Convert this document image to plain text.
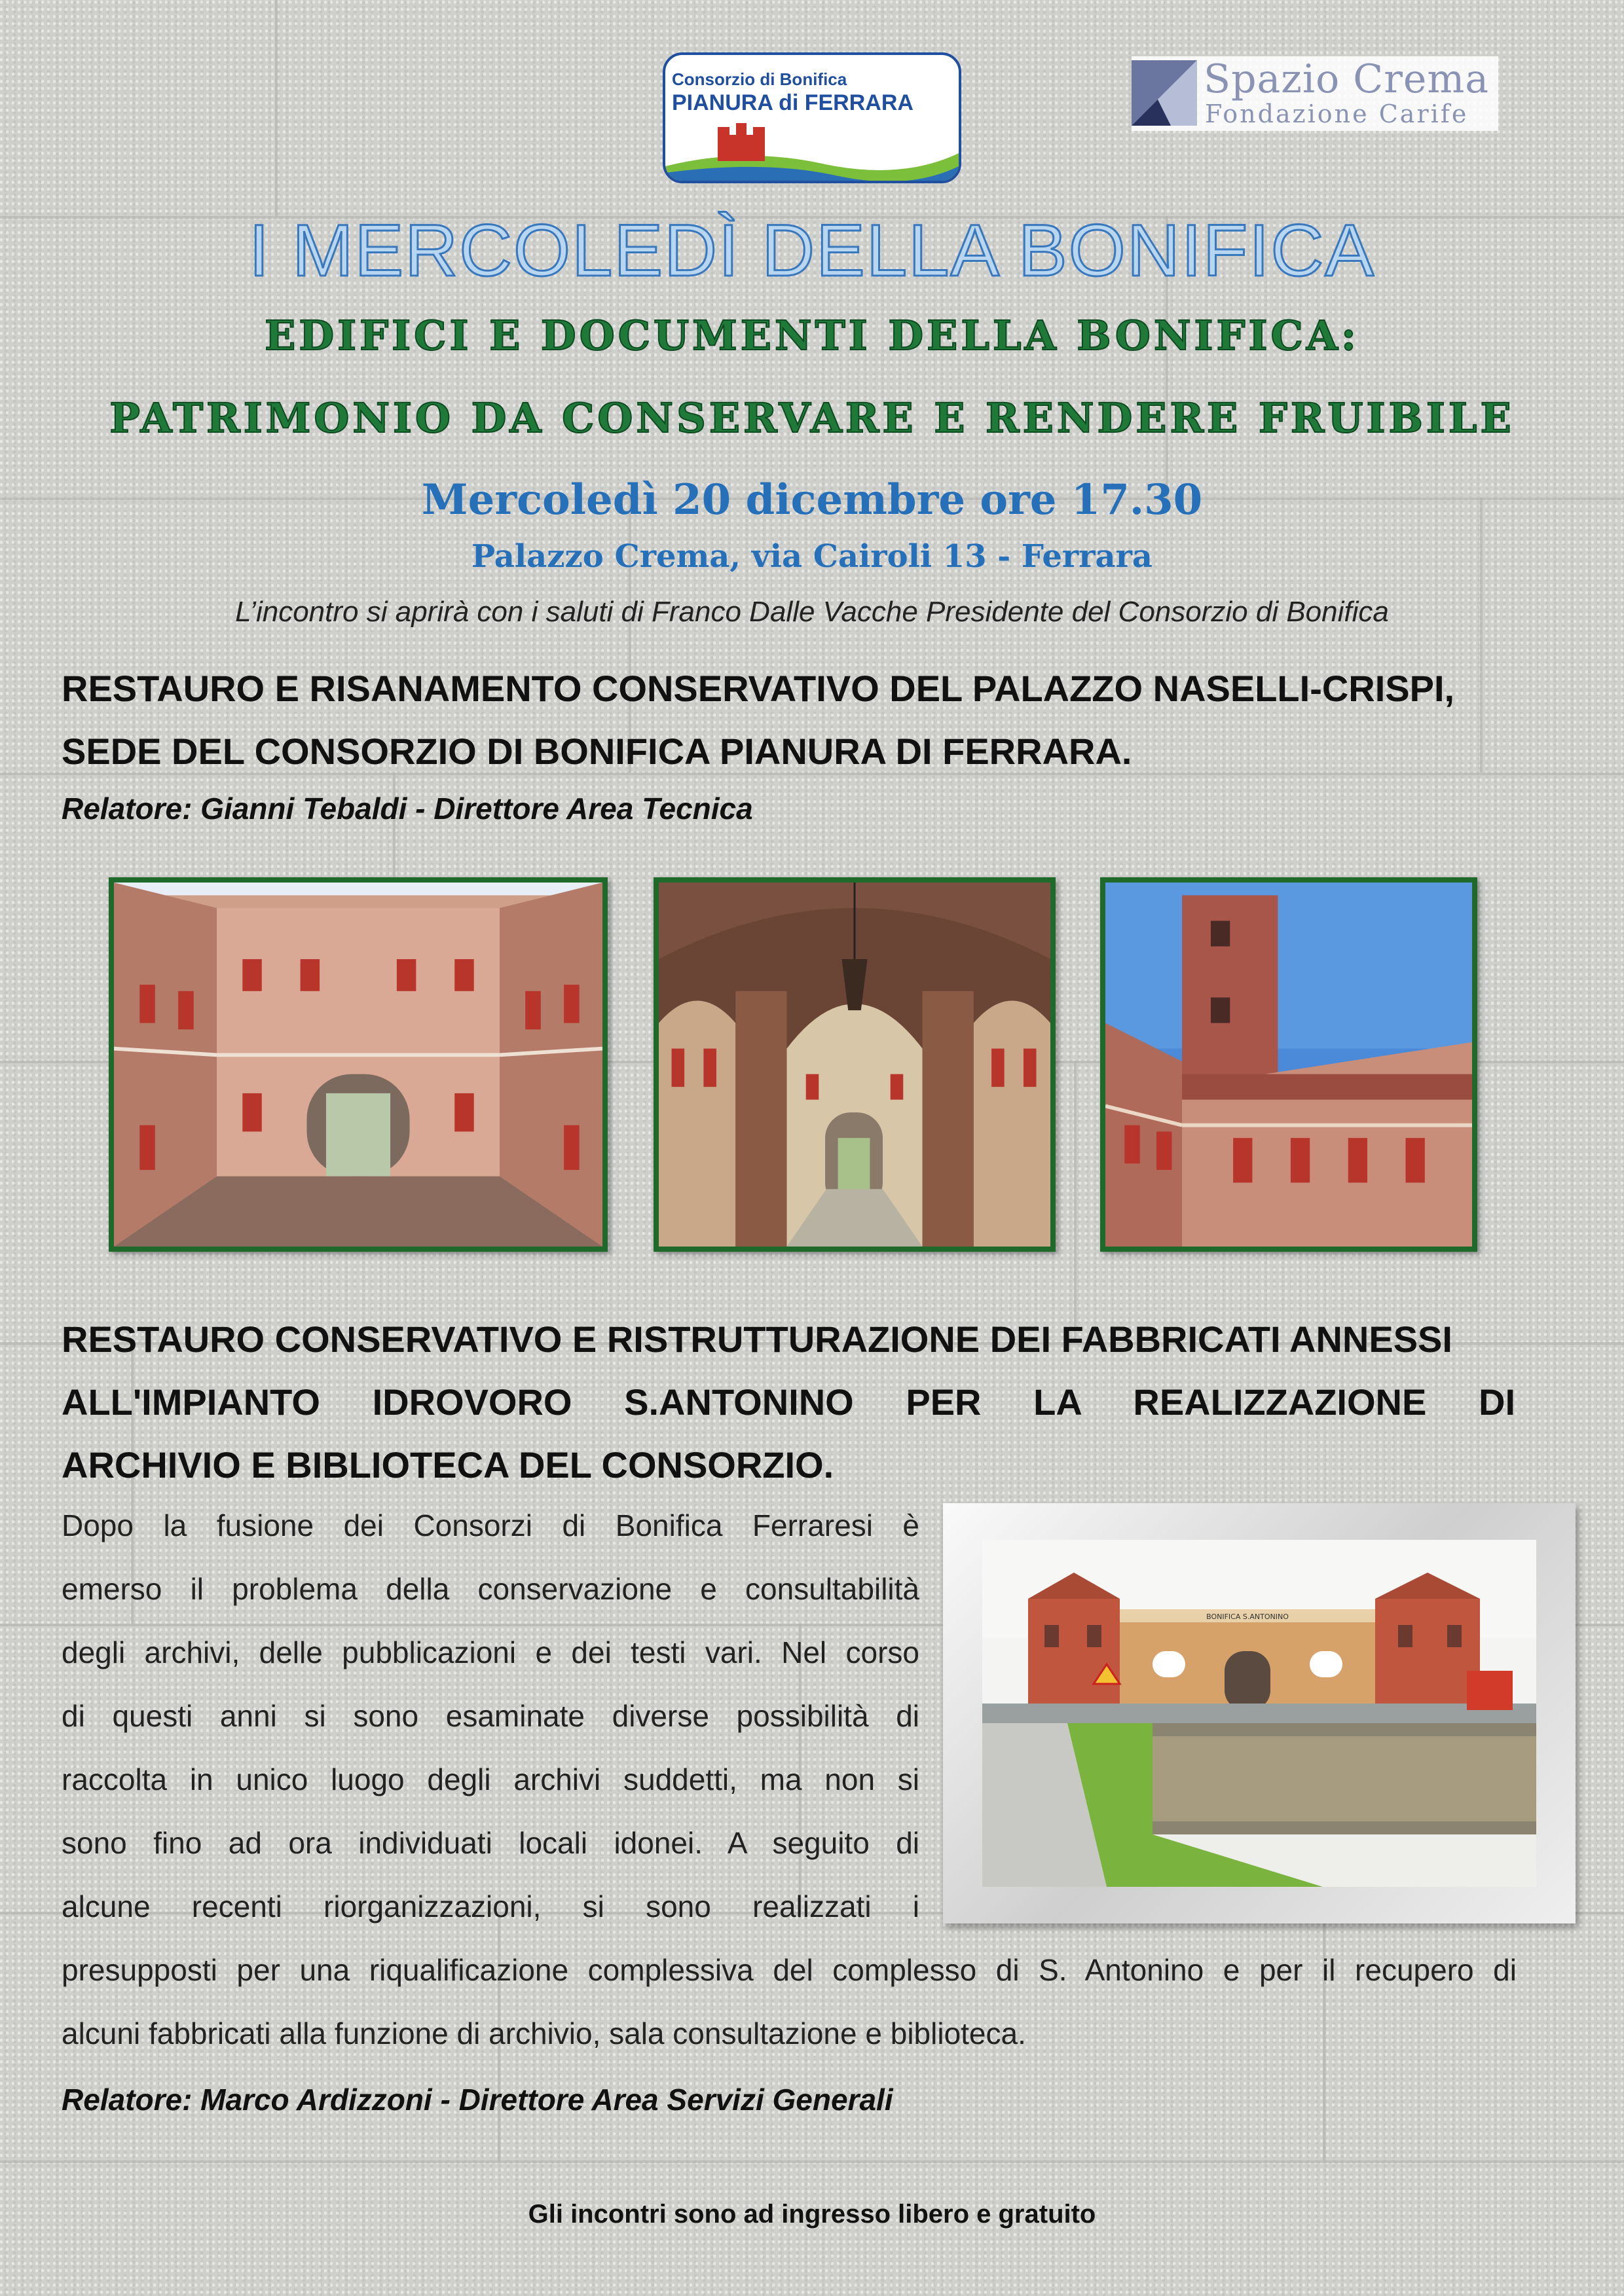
Consorzio di Bonifica
PIANURA di FERRARA
Spazio Crema
Fondazione Carife
I MERCOLEDÌ DELLA BONIFICA
EDIFICI E DOCUMENTI DELLA BONIFICA:
PATRIMONIO DA CONSERVARE E RENDERE FRUIBILE
Mercoledì 20 dicembre ore 17.30
Palazzo Crema, via Cairoli 13 - Ferrara
L’incontro si aprirà con i saluti di Franco Dalle Vacche Presidente del Consorzio di Bonifica
RESTAURO E RISANAMENTO CONSERVATIVO DEL PALAZZO NASELLI-CRISPI,
SEDE DEL CONSORZIO DI BONIFICA PIANURA DI FERRARA.
Relatore: Gianni Tebaldi - Direttore Area Tecnica
RESTAURO CONSERVATIVO E RISTRUTTURAZIONE DEI FABBRICATI ANNESSI
ALL'IMPIANTO IDROVORO S.ANTONINO PER LA REALIZZAZIONE DI
ARCHIVIO E BIBLIOTECA DEL CONSORZIO.
Dopo la fusione dei Consorzi di Bonifica Ferraresi è
emerso il problema della conservazione e consultabilità
degli archivi, delle pubblicazioni e dei testi vari. Nel corso
di questi anni si sono esaminate diverse possibilità di
raccolta in unico luogo degli archivi suddetti, ma non si
sono fino ad ora individuati locali idonei. A seguito di
alcune recenti riorganizzazioni, si sono realizzati i
presupposti per una riqualificazione complessiva del complesso di S. Antonino e per il recupero di
alcuni fabbricati alla funzione di archivio, sala consultazione e biblioteca.
Relatore: Marco Ardizzoni - Direttore Area Servizi Generali
BONIFICA S.ANTONINO
Gli incontri sono ad ingresso libero e gratuito
